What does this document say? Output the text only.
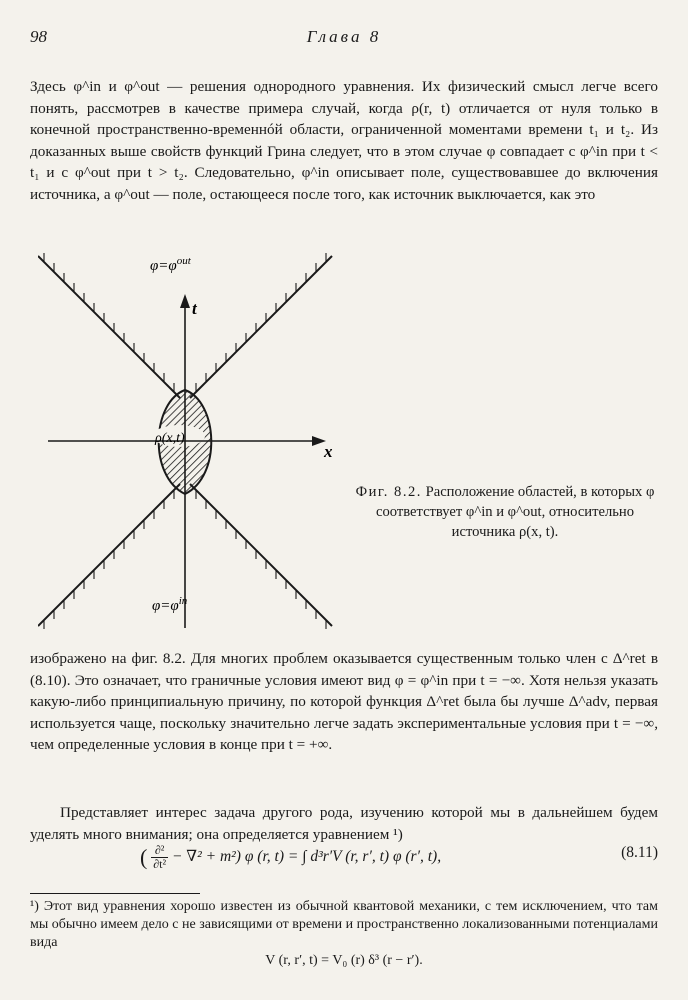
98	Глава 8

Здесь φ^in и φ^out — решения однородного уравнения. Их физический смысл легче всего понять, рассмотрев в качестве примера случай, когда ρ(r, t) отличается от нуля только в конечной пространственно-временнóй области, ограниченной моментами времени t₁ и t₂. Из доказанных выше свойств функций Грина следует, что в этом случае φ совпадает с φ^in при t < t₁ и с φ^out при t > t₂. Следовательно, φ^in описывает поле, существовавшее до включения источника, а φ^out — поле, остающееся после того, как источник выключается, как это

t
x
ρ(x,t)
$\varphi=\varphi^{out}$
$\varphi=\varphi^{in}$
Фиг. 8.2. Расположение областей, в которых φ соответствует φ^in и φ^out, относительно источника ρ(x, t).

изображено на фиг. 8.2. Для многих проблем оказывается существенным только член с Δ^ret в (8.10). Это означает, что граничные условия имеют вид φ = φ^in при t = −∞. Хотя нельзя указать какую-либо принципиальную причину, по которой функция Δ^ret была бы лучше Δ^adv, первая используется чаще, поскольку значительно легче задать экспериментальные условия при t = −∞, чем определенные условия в конце при t = +∞.

Представляет интерес задача другого рода, изучению которой мы в дальнейшем будем уделять много внимания; она определяется уравнением ¹)

( $\frac{\text{∂²}}{\text{∂t²}} - \nabla^2 + m^2$) φ (r, t) = ∫ d³r′V (r, r′, t) φ (r′, t),	(8.11)

¹) Этот вид уравнения хорошо известен из обычной квантовой механики, с тем исключением, что там мы обычно имеем дело с не зависящими от времени и пространственно локализованными потенциалами вида
V (r, r′, t) = V₀ (r) δ³ (r − r′).
